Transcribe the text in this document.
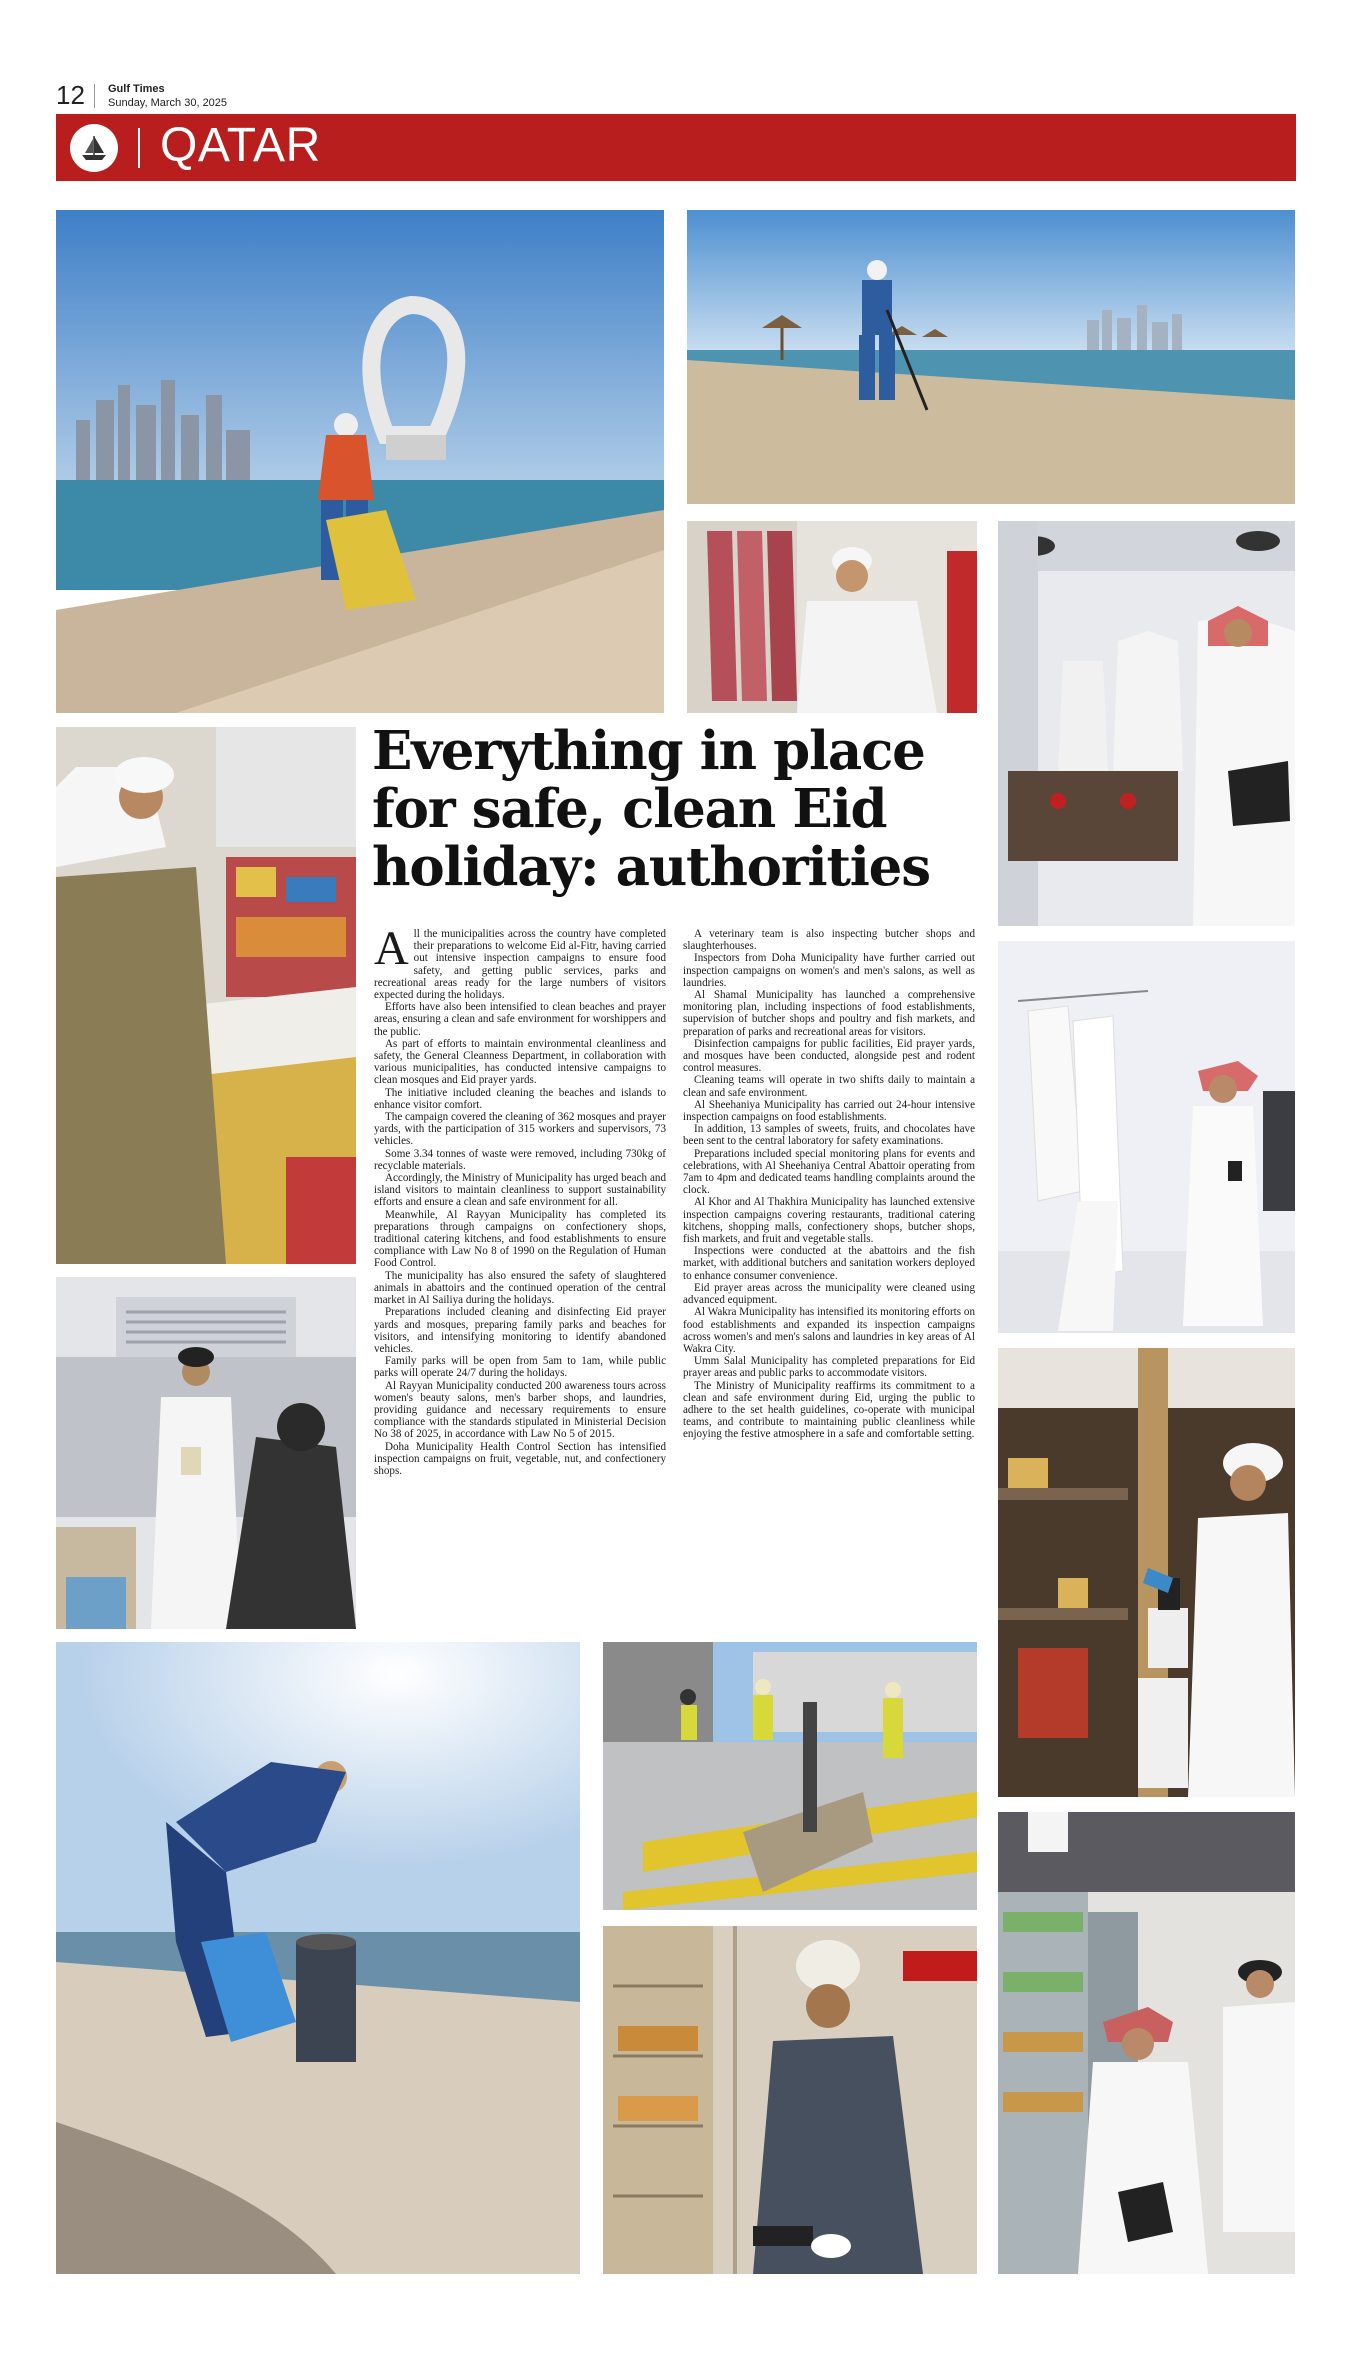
12 Gulf Times
Sunday, March 30, 2025
QATAR
Everything in place for safe, clean Eid holiday: authorities

All the municipalities across the country have completed their preparations to welcome Eid al-Fitr, having carried out intensive inspection campaigns to ensure food safety, and getting public services, parks and recreational areas ready for the large numbers of visitors expected during the holidays.

Efforts have also been intensified to clean beaches and prayer areas, ensuring a clean and safe environment for worshippers and the public.

As part of efforts to maintain environmental cleanliness and safety, the General Cleanness Department, in collaboration with various municipalities, has conducted intensive campaigns to clean mosques and Eid prayer yards.

The initiative included cleaning the beaches and islands to enhance visitor comfort.

The campaign covered the cleaning of 362 mosques and prayer yards, with the participation of 315 workers and supervisors, 73 vehicles.

Some 3.34 tonnes of waste were removed, including 730kg of recyclable materials.

Accordingly, the Ministry of Municipality has urged beach and island visitors to maintain cleanliness to support sustainability efforts and ensure a clean and safe environment for all.

Meanwhile, Al Rayyan Municipality has completed its preparations through campaigns on confectionery shops, traditional catering kitchens, and food establishments to ensure compliance with Law No 8 of 1990 on the Regulation of Human Food Control.

The municipality has also ensured the safety of slaughtered animals in abattoirs and the continued operation of the central market in Al Sailiya during the holidays.

Preparations included cleaning and disinfecting Eid prayer yards and mosques, preparing family parks and beaches for visitors, and intensifying monitoring to identify abandoned vehicles.

Family parks will be open from 5am to 1am, while public parks will operate 24/7 during the holidays.

Al Rayyan Municipality conducted 200 awareness tours across women's beauty salons, men's barber shops, and laundries, providing guidance and necessary requirements to ensure compliance with the standards stipulated in Ministerial Decision No 38 of 2025, in accordance with Law No 5 of 2015.

Doha Municipality Health Control Section has intensified inspection campaigns on fruit, vegetable, nut, and confectionery shops.

A veterinary team is also inspecting butcher shops and slaughterhouses.

Inspectors from Doha Municipality have further carried out inspection campaigns on women's and men's salons, as well as laundries.

Al Shamal Municipality has launched a comprehensive monitoring plan, including inspections of food establishments, supervision of butcher shops and poultry and fish markets, and preparation of parks and recreational areas for visitors.

Disinfection campaigns for public facilities, Eid prayer yards, and mosques have been conducted, alongside pest and rodent control measures.

Cleaning teams will operate in two shifts daily to maintain a clean and safe environment.

Al Sheehaniya Municipality has carried out 24-hour intensive inspection campaigns on food establishments.

In addition, 13 samples of sweets, fruits, and chocolates have been sent to the central laboratory for safety examinations.

Preparations included special monitoring plans for events and celebrations, with Al Sheehaniya Central Abattoir operating from 7am to 4pm and dedicated teams handling complaints around the clock.

Al Khor and Al Thakhira Municipality has launched extensive inspection campaigns covering restaurants, traditional catering kitchens, shopping malls, confectionery shops, butcher shops, fish markets, and fruit and vegetable stalls.

Inspections were conducted at the abattoirs and the fish market, with additional butchers and sanitation workers deployed to enhance consumer convenience.

Eid prayer areas across the municipality were cleaned using advanced equipment.

Al Wakra Municipality has intensified its monitoring efforts on food establishments and expanded its inspection campaigns across women's and men's salons and laundries in key areas of Al Wakra City.

Umm Salal Municipality has completed preparations for Eid prayer areas and public parks to accommodate visitors.

The Ministry of Municipality reaffirms its commitment to a clean and safe environment during Eid, urging the public to adhere to the set health guidelines, co-operate with municipal teams, and contribute to maintaining public cleanliness while enjoying the festive atmosphere in a safe and comfortable setting.
